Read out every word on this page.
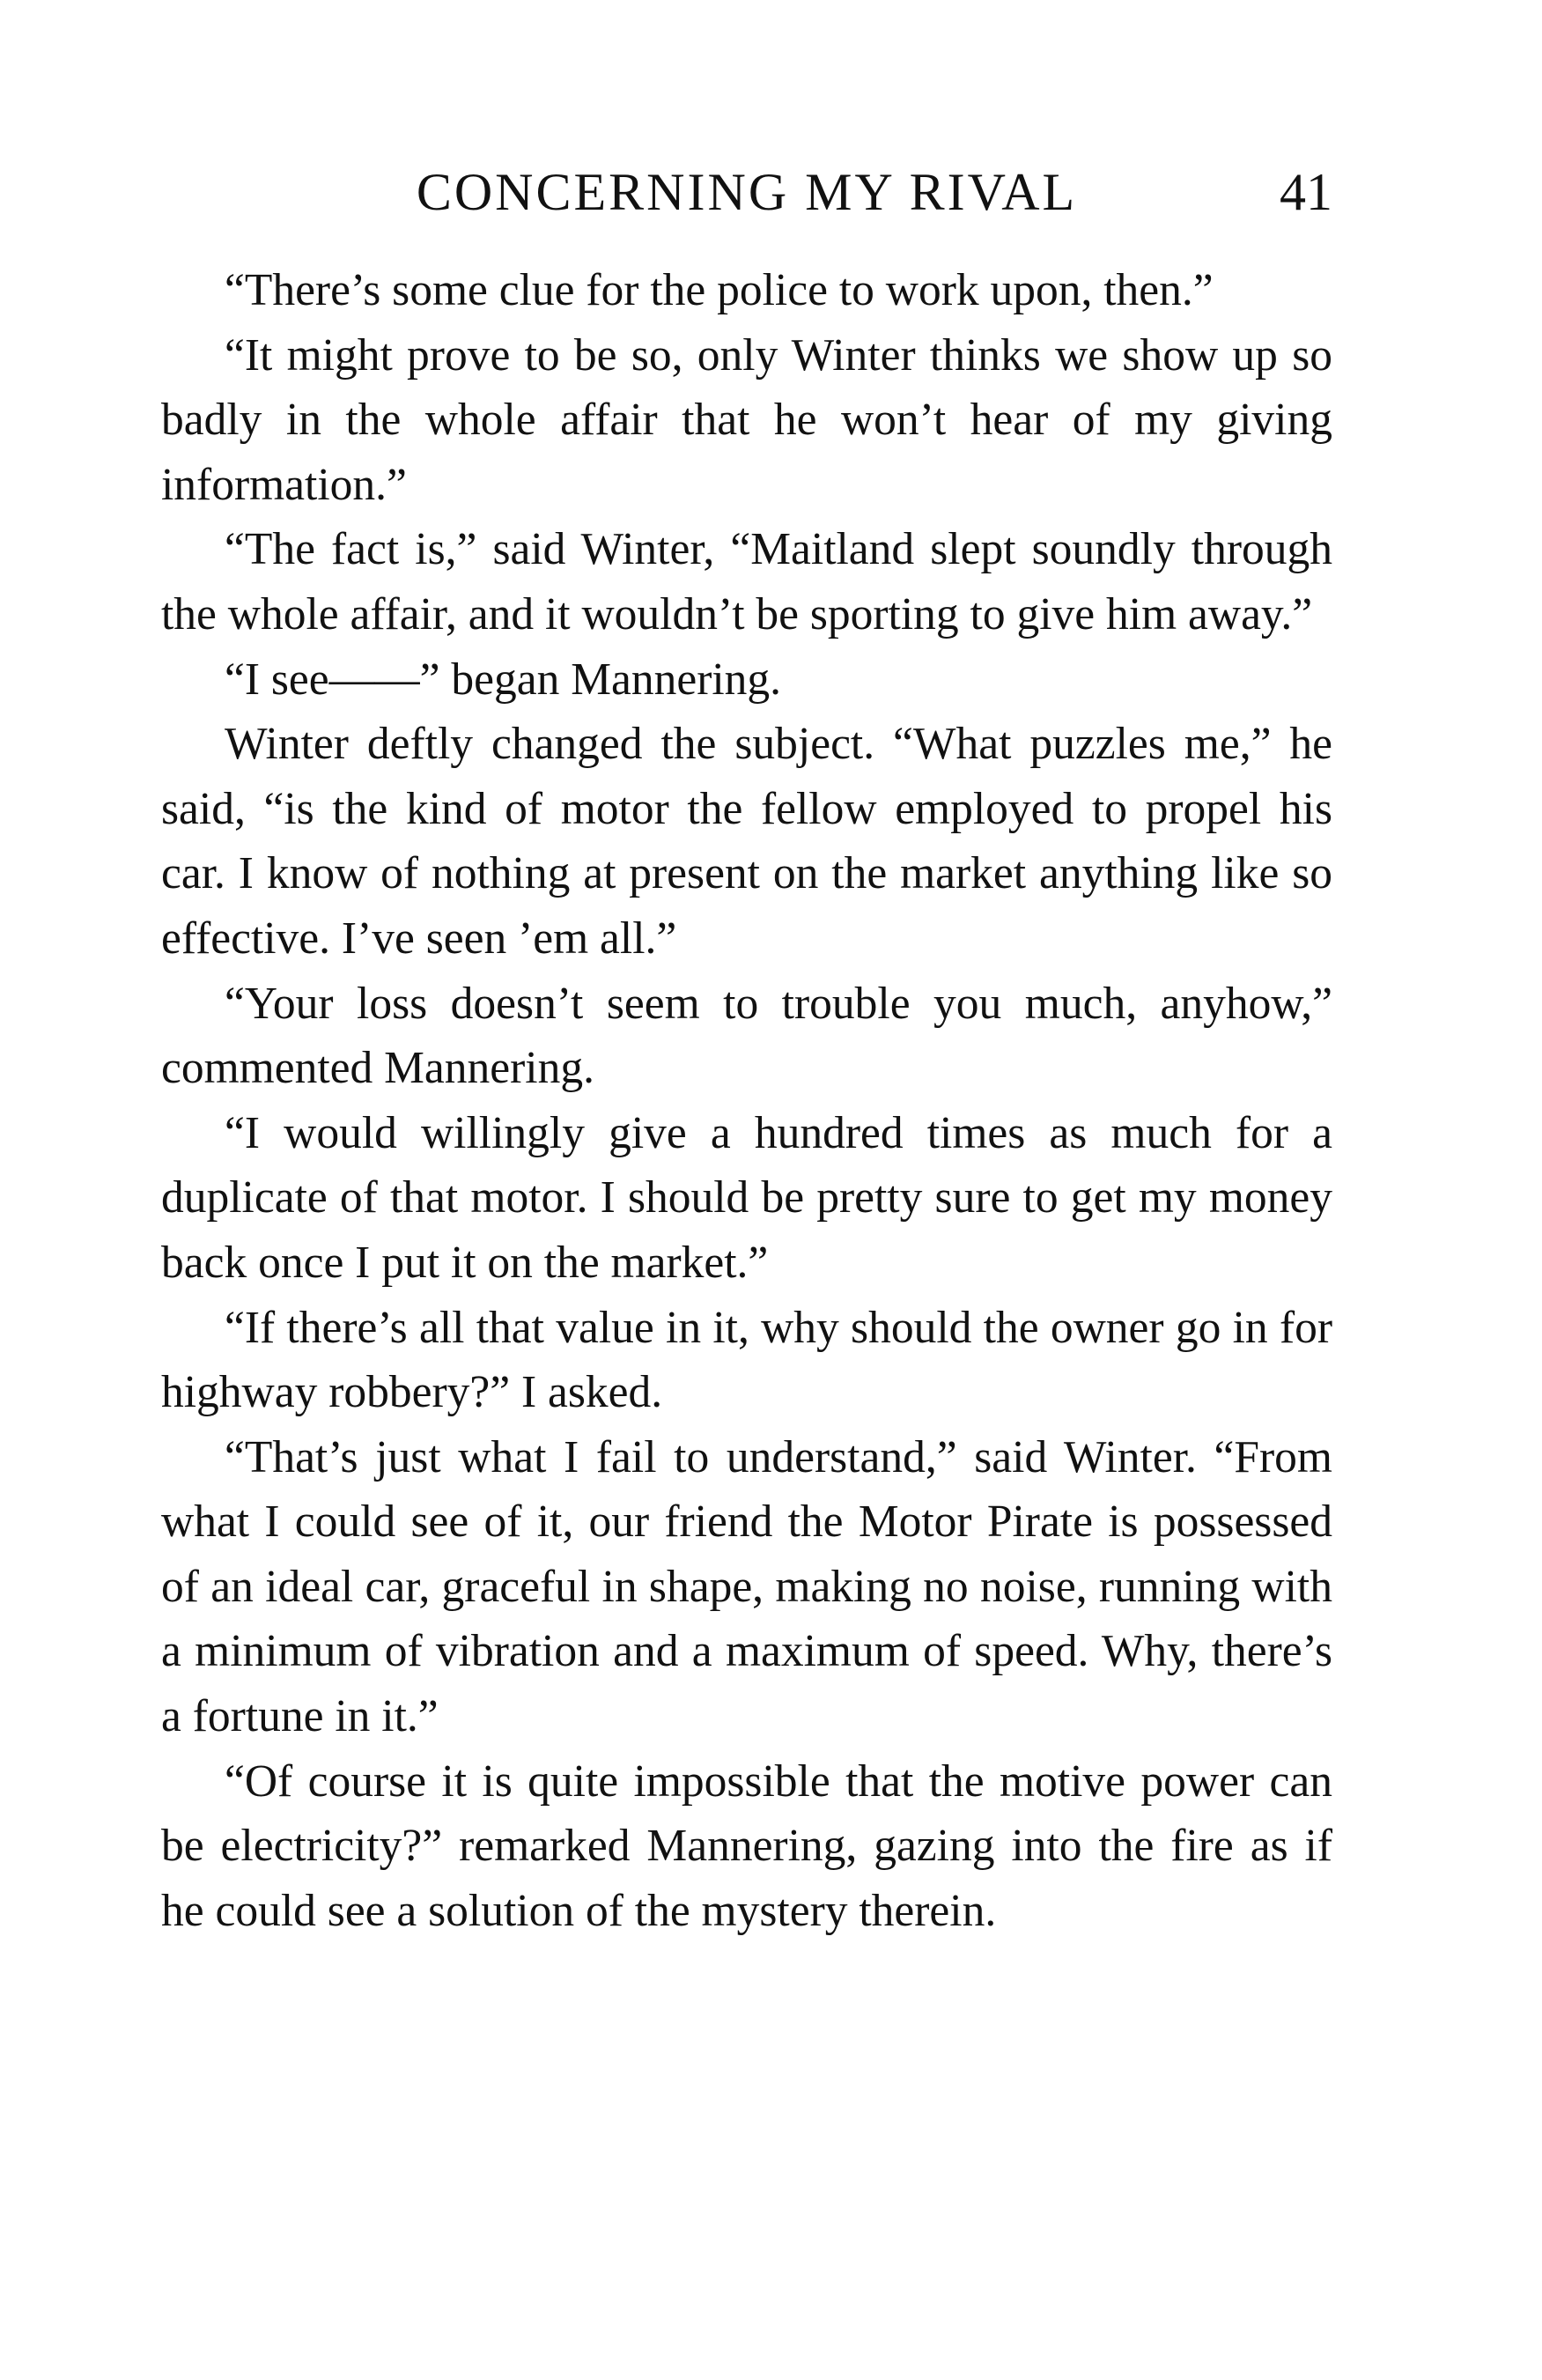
CONCERNING MY RIVAL	41

“There’s some clue for the police to work upon, then.”

“It might prove to be so, only Winter thinks we show up so badly in the whole affair that he won’t hear of my giving information.”

“The fact is,” said Winter, “Maitland slept soundly through the whole affair, and it wouldn’t be sporting to give him away.”

“I see——” began Mannering.

Winter deftly changed the subject. “What puzzles me,” he said, “is the kind of motor the fellow employed to propel his car. I know of nothing at present on the market anything like so effective. I’ve seen ’em all.”

“Your loss doesn’t seem to trouble you much, anyhow,” commented Mannering.

“I would willingly give a hundred times as much for a duplicate of that motor. I should be pretty sure to get my money back once I put it on the market.”

“If there’s all that value in it, why should the owner go in for highway robbery?” I asked.

“That’s just what I fail to understand,” said Winter. “From what I could see of it, our friend the Motor Pirate is possessed of an ideal car, graceful in shape, making no noise, running with a minimum of vibration and a maximum of speed. Why, there’s a fortune in it.”

“Of course it is quite impossible that the motive power can be electricity?” remarked Mannering, gazing into the fire as if he could see a solution of the mystery therein.
